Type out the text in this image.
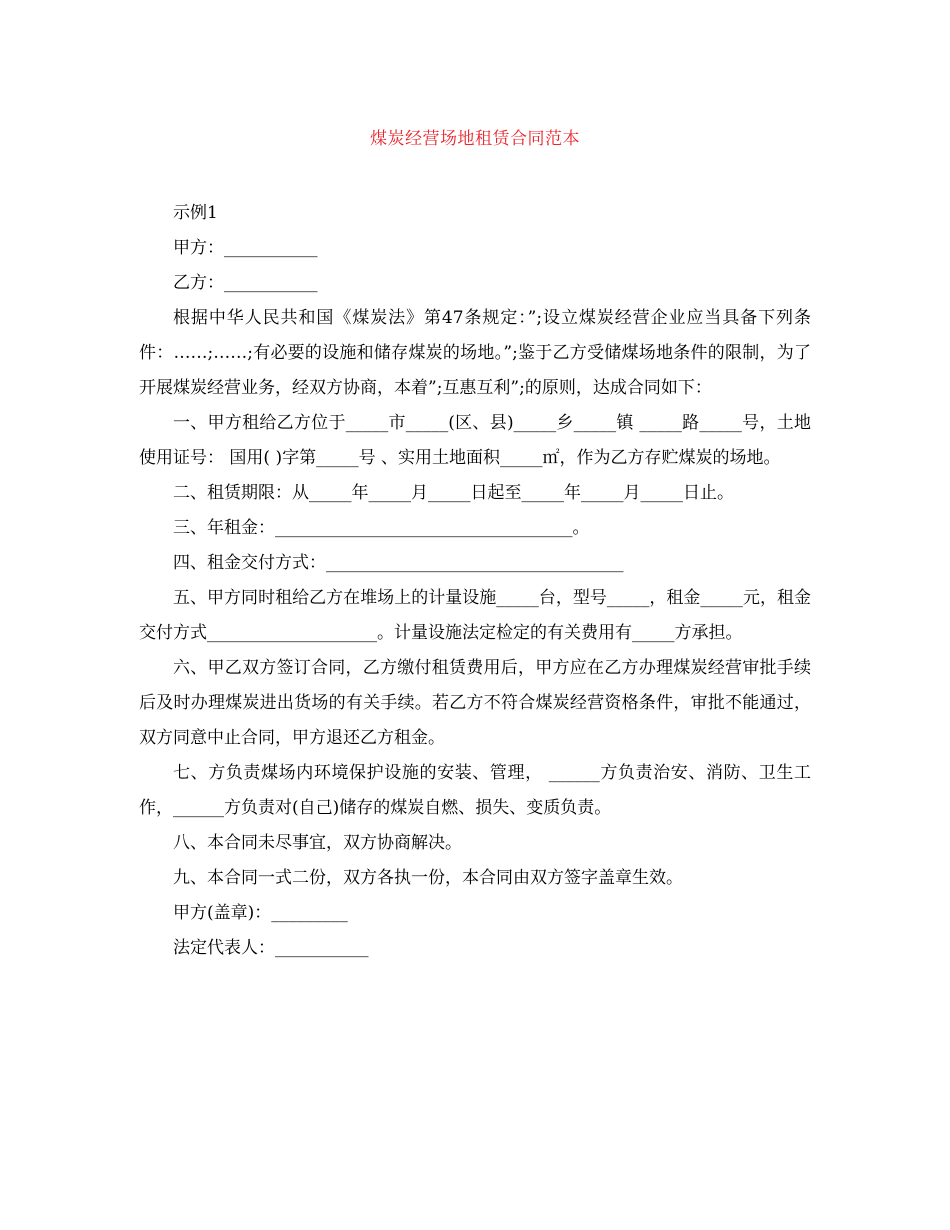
煤炭经营场地租赁合同范本

示例1

甲方：___________

乙方：___________

根据中华人民共和国《煤炭法》第47条规定：”;设立煤炭经营企业应当具备下列条件：……;……;有必要的设施和储存煤炭的场地。”;鉴于乙方受储煤场地条件的限制，为了开展煤炭经营业务，经双方协商，本着”;互惠互利”;的原则，达成合同如下：

一、甲方租给乙方位于_____市_____(区、县)_____乡_____镇 _____路_____号，土地使用证号： 国用( )字第_____号 、实用土地面积_____㎡，作为乙方存贮煤炭的场地。

二、租赁期限：从_____年_____月_____日起至_____年_____月_____日止。

三、年租金：___________________________________。

四、租金交付方式：___________________________________

五、甲方同时租给乙方在堆场上的计量设施_____台，型号_____，租金_____元，租金交付方式____________________。计量设施法定检定的有关费用有_____方承担。

六、甲乙双方签订合同，乙方缴付租赁费用后，甲方应在乙方办理煤炭经营审批手续后及时办理煤炭进出货场的有关手续。若乙方不符合煤炭经营资格条件，审批不能通过，双方同意中止合同，甲方退还乙方租金。

七、方负责煤场内环境保护设施的安装、管理， ______方负责治安、消防、卫生工作，______方负责对(自己)储存的煤炭自燃、损失、变质负责。

八、本合同未尽事宜，双方协商解决。

九、本合同一式二份，双方各执一份，本合同由双方签字盖章生效。

甲方(盖章)：_________

法定代表人：___________
